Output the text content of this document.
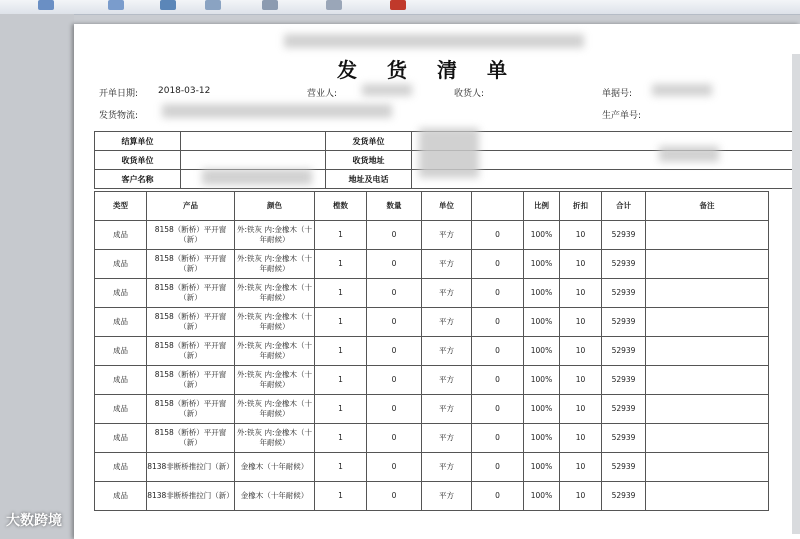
发货清单
开单日期: 2018-03-12	营业人:	收货人:	单据号:
发货物流:	生产单号:
结算单位		发货单位	
收货单位		收货地址	
客户名称		地址及电话	
类型	产品	颜色	樘数	数量	单位		比例	折扣	合计	备注
成品	8158（断桥）平开窗（新）	外:铁灰 内:金橡木（十年耐候）	1	0	平方	0	100%	10	52939	
成品	8158（断桥）平开窗（新）	外:铁灰 内:金橡木（十年耐候）	1	0	平方	0	100%	10	52939	
成品	8158（断桥）平开窗（新）	外:铁灰 内:金橡木（十年耐候）	1	0	平方	0	100%	10	52939	
成品	8158（断桥）平开窗（新）	外:铁灰 内:金橡木（十年耐候）	1	0	平方	0	100%	10	52939	
成品	8158（断桥）平开窗（新）	外:铁灰 内:金橡木（十年耐候）	1	0	平方	0	100%	10	52939	
成品	8158（断桥）平开窗（新）	外:铁灰 内:金橡木（十年耐候）	1	0	平方	0	100%	10	52939	
成品	8158（断桥）平开窗（新）	外:铁灰 内:金橡木（十年耐候）	1	0	平方	0	100%	10	52939	
成品	8158（断桥）平开窗（新）	外:铁灰 内:金橡木（十年耐候）	1	0	平方	0	100%	10	52939	
成品	8138非断桥推拉门（新）	金橡木（十年耐候）	1	0	平方	0	100%	10	52939	
成品	8138非断桥推拉门（新）	金橡木（十年耐候）	1	0	平方	0	100%	10	52939	
大数跨境
